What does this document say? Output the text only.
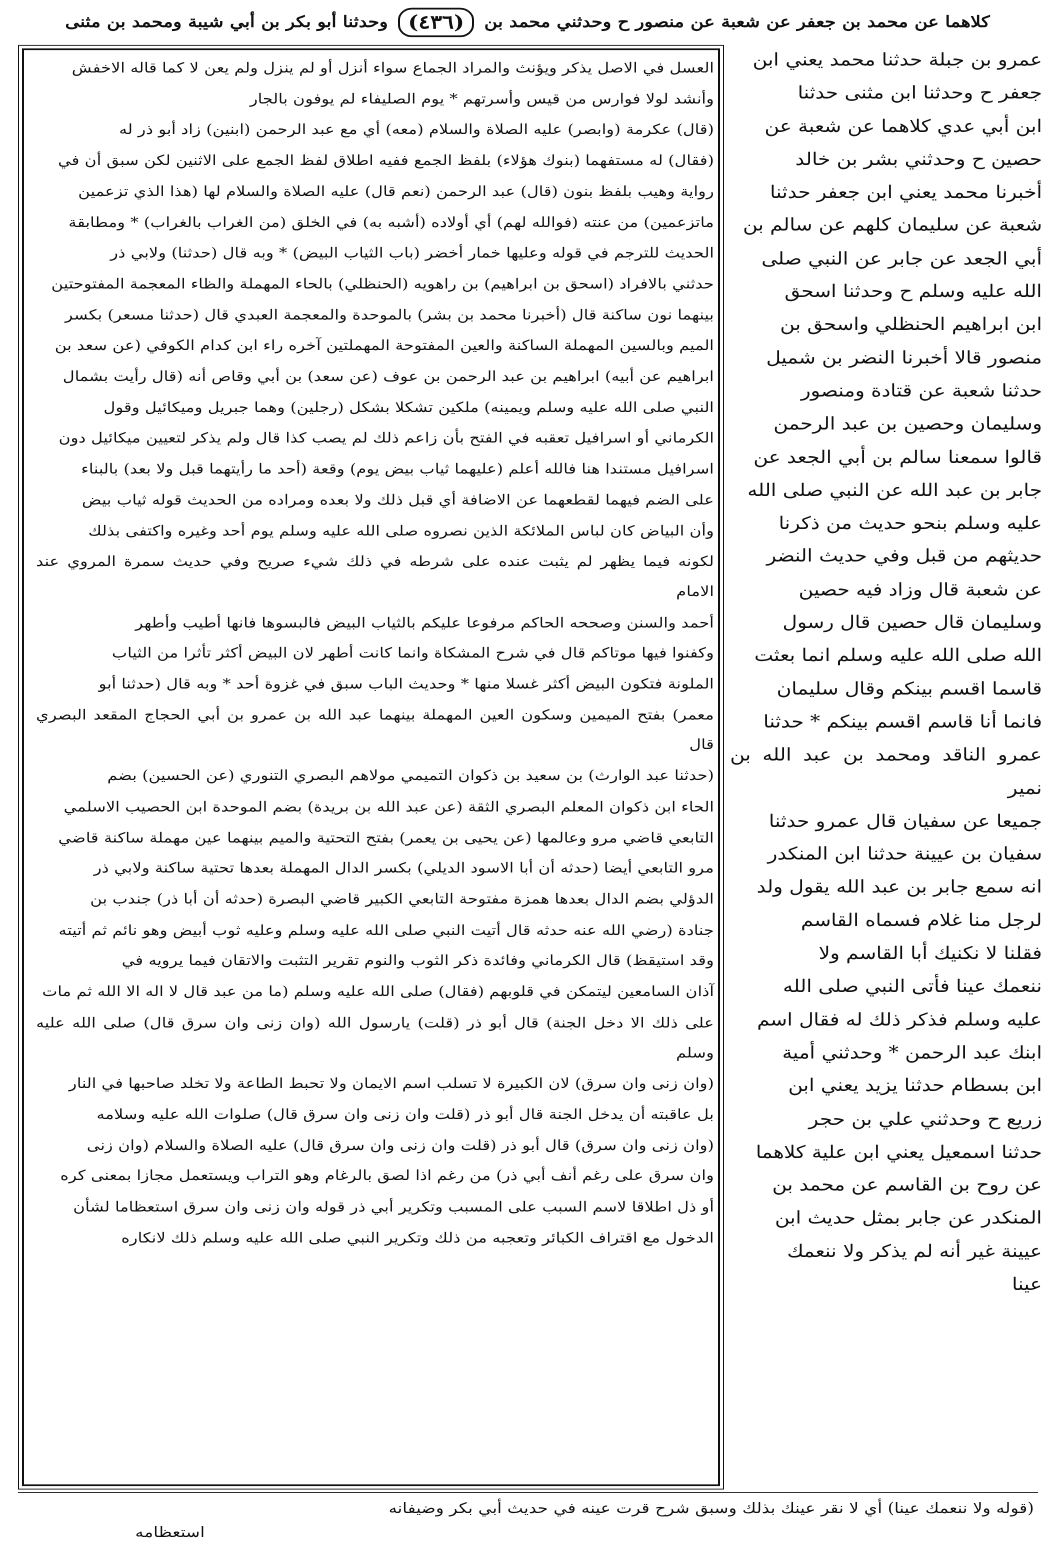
كلاهما عن محمد بن جعفر عن شعبة عن منصور ح وحدثني محمد بن
(٤٣٦)
وحدثنا أبو بكر بن أبي شيبة ومحمد بن مثنى

العسل في الاصل يذكر ويؤنث والمراد الجماع سواء أنزل أو لم ينزل ولم يعن لا كما قاله الاخفش

وأنشد لولا فوارس من قيس وأسرتهم * يوم الصليفاء لم يوفون بالجار

(قال) عكرمة (وابصر) عليه الصلاة والسلام (معه) أي مع عبد الرحمن (ابنين) زاد أبو ذر له

(فقال) له مستفهما (بنوك هؤلاء) بلفظ الجمع ففيه اطلاق لفظ الجمع على الاثنين لكن سبق أن في

رواية وهيب بلفظ بنون (قال) عبد الرحمن (نعم قال) عليه الصلاة والسلام لها (هذا الذي تزعمين

ماتزعمين) من عنته (فوالله لهم) أي أولاده (أشبه به) في الخلق (من الغراب بالغراب) * ومطابقة

الحديث للترجم في قوله وعليها خمار أخضر (باب الثياب البيض) * وبه قال (حدثنا) ولابي ذر

حدثني بالافراد (اسحق بن ابراهيم) بن راهويه (الحنظلي) بالحاء المهملة والظاء المعجمة المفتوحتين

بينهما نون ساكنة قال (أخبرنا محمد بن بشر) بالموحدة والمعجمة العبدي قال (حدثنا مسعر) بكسر

الميم وبالسين المهملة الساكنة والعين المفتوحة المهملتين آخره راء ابن كدام الكوفي (عن سعد بن

ابراهيم عن أبيه) ابراهيم بن عبد الرحمن بن عوف (عن سعد) بن أبي وقاص أنه (قال رأيت بشمال

النبي صلى الله عليه وسلم ويمينه) ملكين تشكلا بشكل (رجلين) وهما جبريل وميكائيل وقول

الكرماني أو اسرافيل تعقبه في الفتح بأن زاعم ذلك لم يصب كذا قال ولم يذكر لتعيين ميكائيل دون

اسرافيل مستندا هنا فالله أعلم (عليهما ثياب بيض يوم) وقعة (أحد ما رأيتهما قبل ولا بعد) بالبناء

على الضم فيهما لقطعهما عن الاضافة أي قبل ذلك ولا بعده ومراده من الحديث قوله ثياب بيض

وأن البياض كان لباس الملائكة الذين نصروه صلى الله عليه وسلم يوم أحد وغيره واكتفى بذلك

لكونه فيما يظهر لم يثبت عنده على شرطه في ذلك شيء صريح وفي حديث سمرة المروي عند الامام

أحمد والسنن وصححه الحاكم مرفوعا عليكم بالثياب البيض فالبسوها فانها أطيب وأطهر

وكفنوا فيها موتاكم قال في شرح المشكاة وانما كانت أطهر لان البيض أكثر تأثرا من الثياب

الملونة فتكون البيض أكثر غسلا منها * وحديث الباب سبق في غزوة أحد * وبه قال (حدثنا أبو

معمر) بفتح الميمين وسكون العين المهملة بينهما عبد الله بن عمرو بن أبي الحجاج المقعد البصري قال

(حدثنا عبد الوارث) بن سعيد بن ذكوان التميمي مولاهم البصري التنوري (عن الحسين) بضم

الحاء ابن ذكوان المعلم البصري الثقة (عن عبد الله بن بريدة) بضم الموحدة ابن الحصيب الاسلمي

التابعي قاضي مرو وعالمها (عن يحيى بن يعمر) بفتح التحتية والميم بينهما عين مهملة ساكنة قاضي

مرو التابعي أيضا (حدثه أن أبا الاسود الديلي) بكسر الدال المهملة بعدها تحتية ساكنة ولابي ذر

الدؤلي بضم الدال بعدها همزة مفتوحة التابعي الكبير قاضي البصرة (حدثه أن أبا ذر) جندب بن

جنادة (رضي الله عنه حدثه قال أتيت النبي صلى الله عليه وسلم وعليه ثوب أبيض وهو نائم ثم أتيته

وقد استيقظ) قال الكرماني وفائدة ذكر الثوب والنوم تقرير التثبت والاتقان فيما يرويه في

آذان السامعين ليتمكن في قلوبهم (فقال) صلى الله عليه وسلم (ما من عبد قال لا اله الا الله ثم مات

على ذلك الا دخل الجنة) قال أبو ذر (قلت) يارسول الله (وان زنى وان سرق قال) صلى الله عليه وسلم

(وان زنى وان سرق) لان الكبيرة لا تسلب اسم الايمان ولا تحبط الطاعة ولا تخلد صاحبها في النار

بل عاقبته أن يدخل الجنة قال أبو ذر (قلت وان زنى وان سرق قال) صلوات الله عليه وسلامه

(وان زنى وان سرق) قال أبو ذر (قلت وان زنى وان سرق قال) عليه الصلاة والسلام (وان زنى

وان سرق على رغم أنف أبي ذر) من رغم اذا لصق بالرغام وهو التراب ويستعمل مجازا بمعنى كره

أو ذل اطلاقا لاسم السبب على المسبب وتكرير أبي ذر قوله وان زنى وان سرق استعظاما لشأن

الدخول مع اقتراف الكبائر وتعجبه من ذلك وتكرير النبي صلى الله عليه وسلم ذلك لانكاره

عمرو بن جبلة حدثنا محمد يعني ابن

جعفر ح وحدثنا ابن مثنى حدثنا

ابن أبي عدي كلاهما عن شعبة عن

حصين ح وحدثني بشر بن خالد

أخبرنا محمد يعني ابن جعفر حدثنا

شعبة عن سليمان كلهم عن سالم بن

أبي الجعد عن جابر عن النبي صلى

الله عليه وسلم ح وحدثنا اسحق

ابن ابراهيم الحنظلي واسحق بن

منصور قالا أخبرنا النضر بن شميل

حدثنا شعبة عن قتادة ومنصور

وسليمان وحصين بن عبد الرحمن

قالوا سمعنا سالم بن أبي الجعد عن

جابر بن عبد الله عن النبي صلى الله

عليه وسلم بنحو حديث من ذكرنا

حديثهم من قبل وفي حديث النضر

عن شعبة قال وزاد فيه حصين

وسليمان قال حصين قال رسول

الله صلى الله عليه وسلم انما بعثت

قاسما اقسم بينكم وقال سليمان

فانما أنا قاسم اقسم بينكم * حدثنا

عمرو الناقد ومحمد بن عبد الله بن نمير

جميعا عن سفيان قال عمرو حدثنا

سفيان بن عيينة حدثنا ابن المنكدر

انه سمع جابر بن عبد الله يقول ولد

لرجل منا غلام فسماه القاسم

فقلنا لا نكنيك أبا القاسم ولا

ننعمك عينا فأتى النبي صلى الله

عليه وسلم فذكر ذلك له فقال اسم

ابنك عبد الرحمن * وحدثني أمية

ابن بسطام حدثنا يزيد يعني ابن

زريع ح وحدثني علي بن حجر

حدثنا اسمعيل يعني ابن علية كلاهما

عن روح بن القاسم عن محمد بن

المنكدر عن جابر بمثل حديث ابن

عيينة غير أنه لم يذكر ولا ننعمك

عينا

(قوله ولا ننعمك عينا) أي لا نقر عينك بذلك وسبق شرح قرت عينه في حديث أبي بكر وضيفانه
استعظامه
